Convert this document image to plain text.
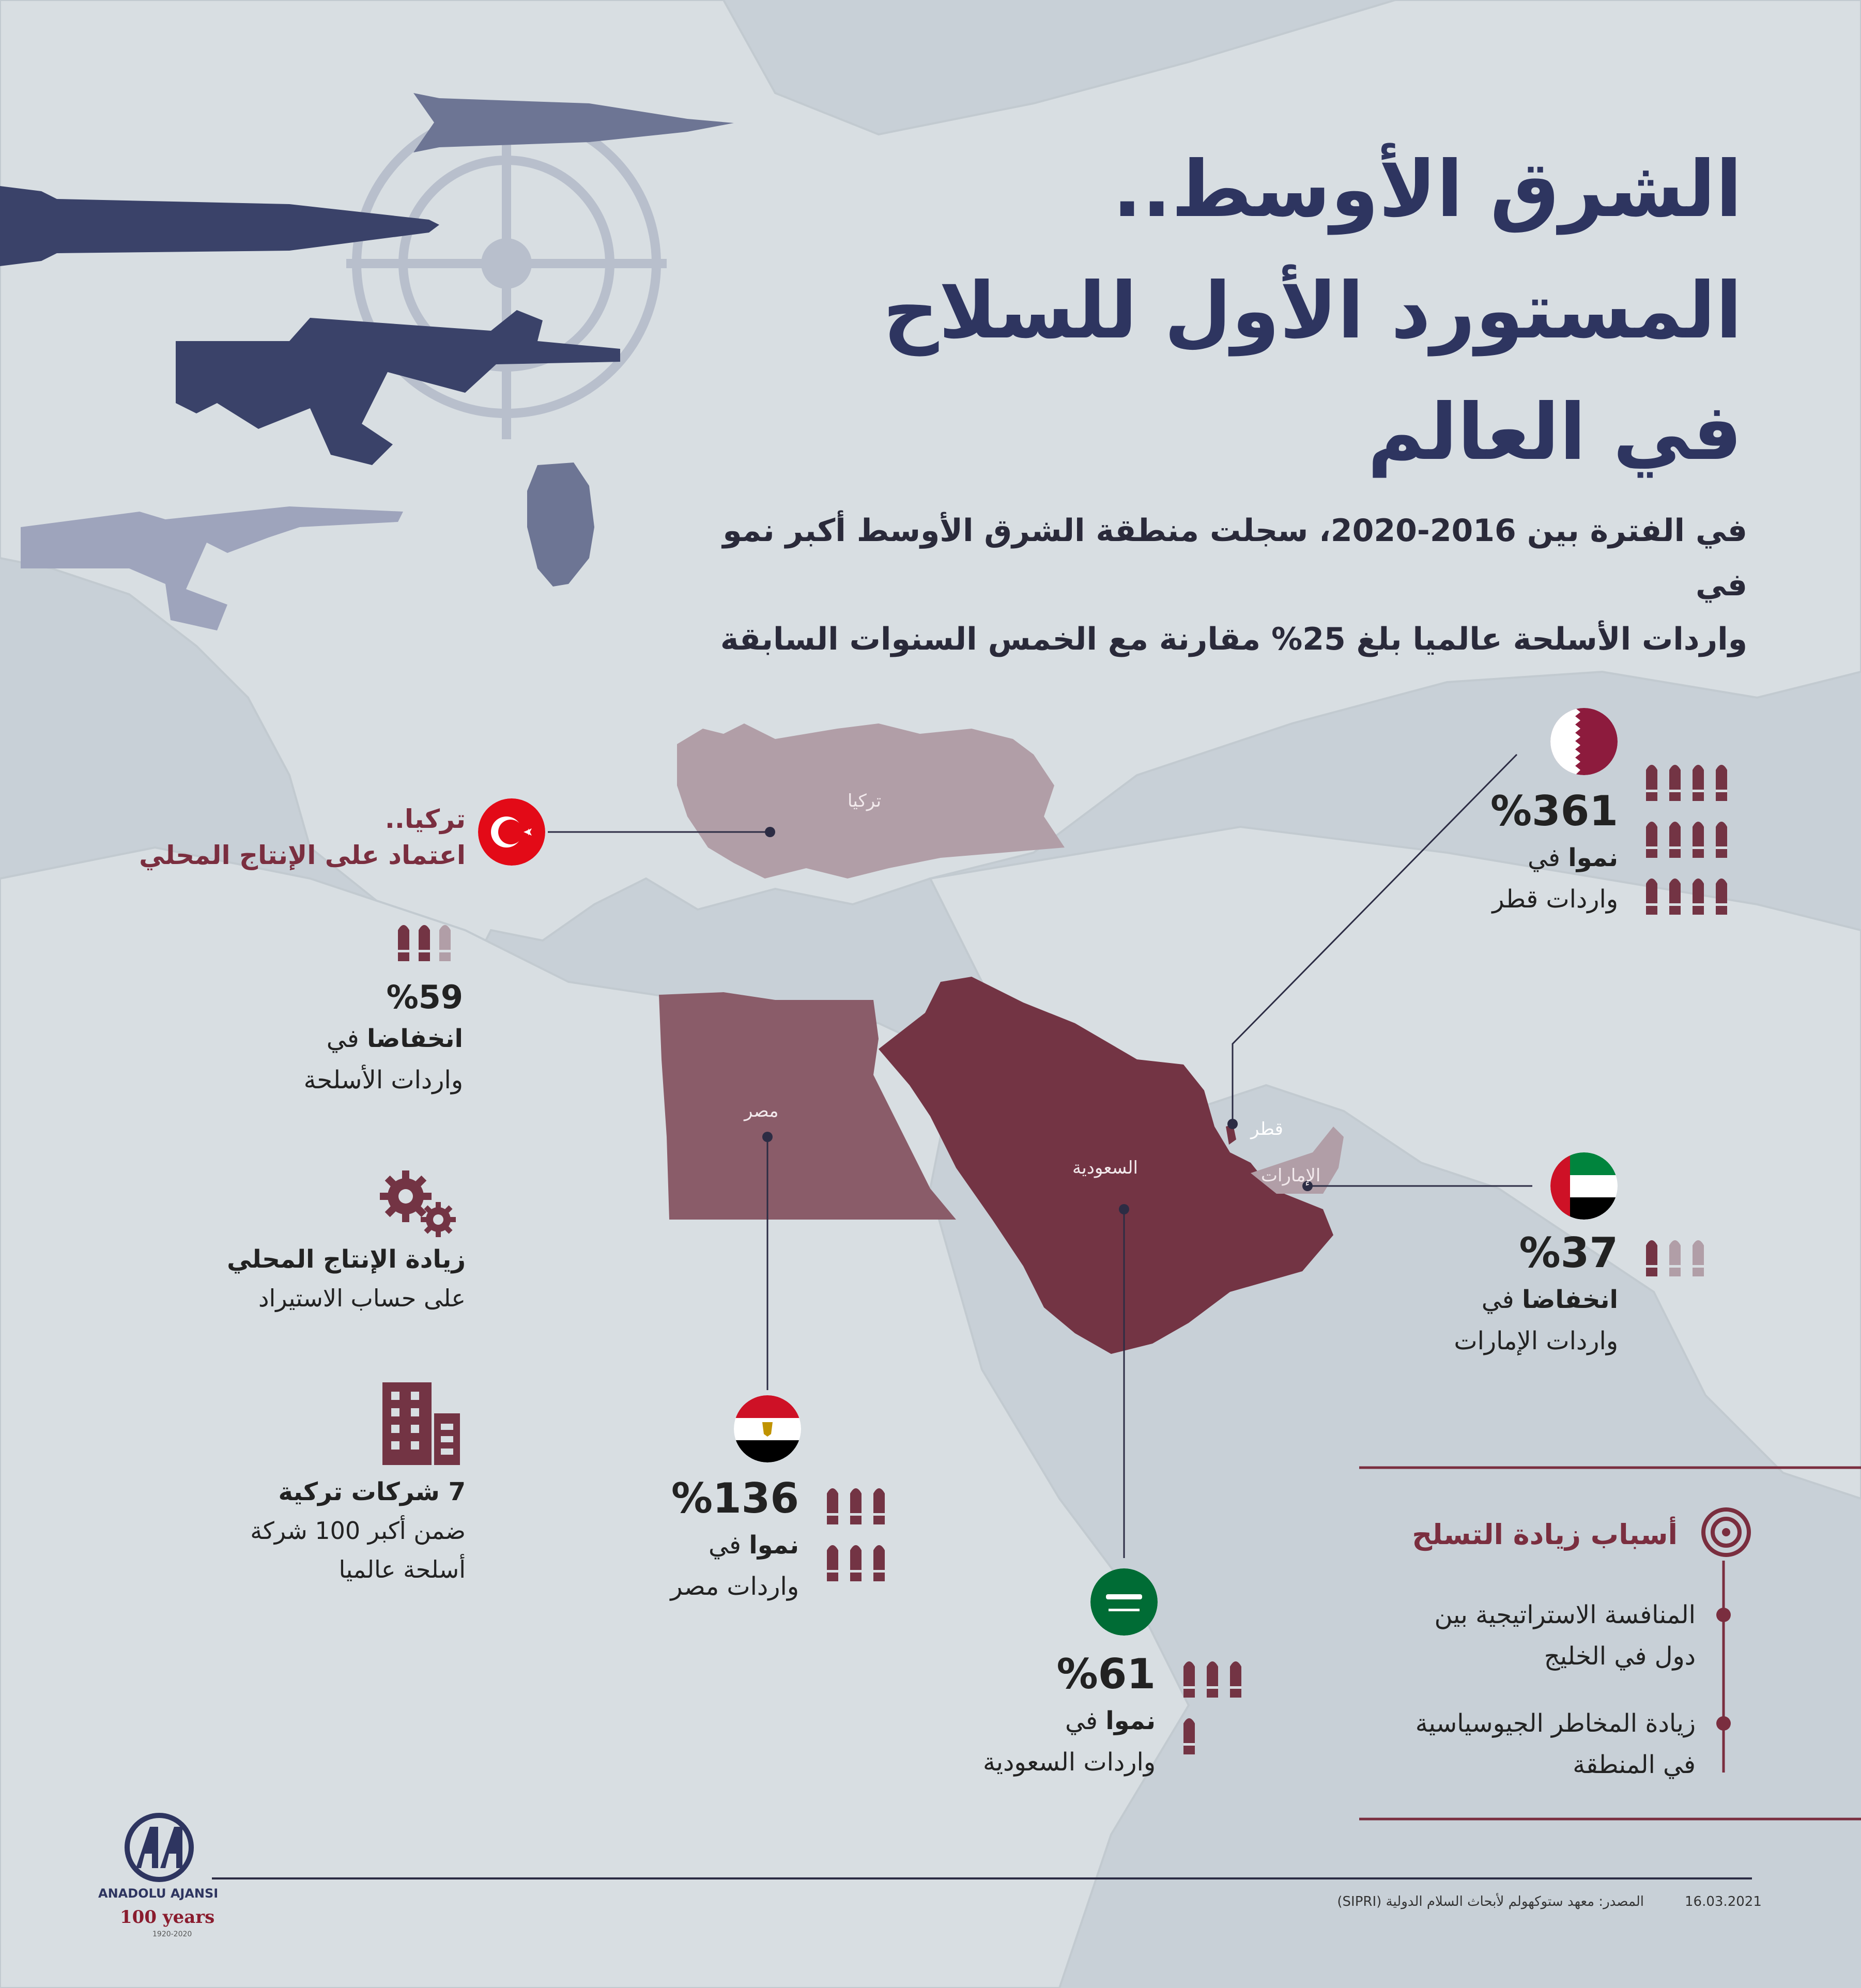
الشرق الأوسط..
المستورد الأول للسلاح
في العالم
في الفترة بين 2016-2020، سجلت منطقة الشرق الأوسط أكبر نمو في
واردات الأسلحة عالميا بلغ 25% مقارنة مع الخمس السنوات السابقة
تركيا
مصر
السعودية
قطر
الإمارات
%361
نموا في
واردات قطر
%37
انخفاضا في
واردات الإمارات
%136
نموا في
واردات مصر
%61
نموا في
واردات السعودية
تركيا..
اعتماد على الإنتاج المحلي
%59
انخفاضا في
واردات الأسلحة
زيادة الإنتاج المحلي
على حساب الاستيراد
7 شركات تركية
ضمن أكبر 100 شركة
أسلحة عالميا
أسباب زيادة التسلح
المنافسة الاستراتيجية بين
دول في الخليج
زيادة المخاطر الجيوسياسية
في المنطقة
16.03.2021
المصدر: معهد ستوكهولم لأبحاث السلام الدولية (SIPRI)
ANADOLU AJANSI
100 years
1920-2020
